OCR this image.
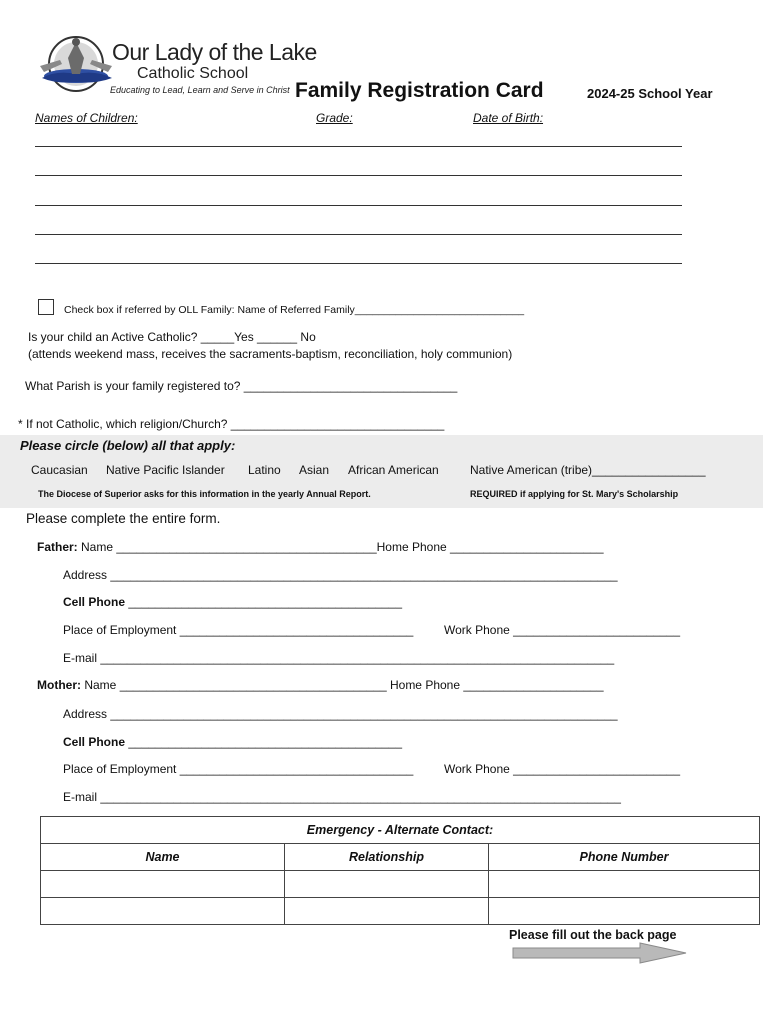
Our Lady of the Lake
Catholic School
Educating to Lead, Learn and Serve in Christ Family Registration Card	2024-25 School Year
Names of Children:	Grade:	Date of Birth:
Check box if referred by OLL Family: Name of Referred Family_____________________________
Is your child an Active Catholic? _____Yes ______ No
(attends weekend mass, receives the sacraments-baptism, reconciliation, holy communion)
What Parish is your family registered to? ________________________________
* If not Catholic, which religion/Church? ________________________________
Please circle (below) all that apply:
Caucasian Native Pacific Islander Latino Asian African American	Native American (tribe)_________________
The Diocese of Superior asks for this information in the yearly Annual Report.	REQUIRED if applying for St. Mary's Scholarship
Please complete the entire form.
Father: Name _______________________________________Home Phone _______________________
Address ____________________________________________________________________________
Cell Phone _________________________________________
Place of Employment ___________________________________	Work Phone _________________________
E-mail _____________________________________________________________________________
Mother: Name ________________________________________ Home Phone _____________________
Address ____________________________________________________________________________
Cell Phone _________________________________________
Place of Employment ___________________________________	Work Phone _________________________
E-mail ______________________________________________________________________________
Emergency - Alternate Contact:		
Name	Relationship	Phone Number

Please fill out the back page
